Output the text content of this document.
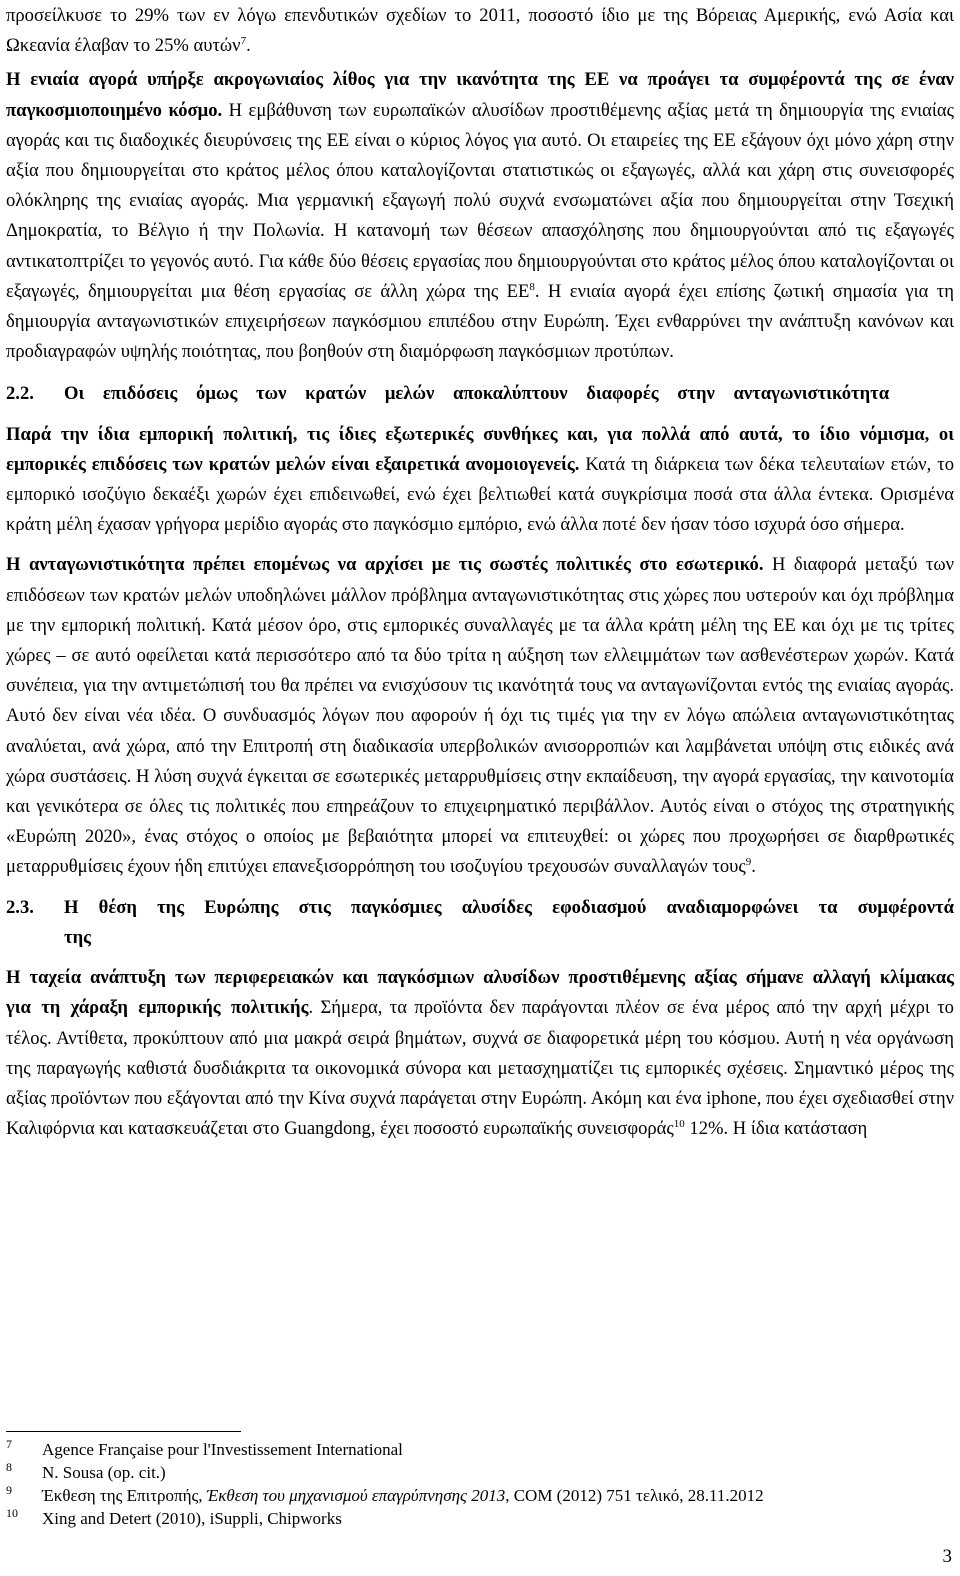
προσείλκυσε το 29% των εν λόγω επενδυτικών σχεδίων το 2011, ποσοστό ίδιο με της Βόρειας Αμερικής, ενώ Ασία και Ωκεανία έλαβαν το 25% αυτών$^7$.

Η ενιαία αγορά υπήρξε ακρογωνιαίος λίθος για την ικανότητα της ΕΕ να προάγει τα συμφέροντά της σε έναν παγκοσμιοποιημένο κόσμο. Η εμβάθυνση των ευρωπαϊκών αλυσίδων προστιθέμενης αξίας μετά τη δημιουργία της ενιαίας αγοράς και τις διαδοχικές διευρύνσεις της ΕΕ είναι ο κύριος λόγος για αυτό. Οι εταιρείες της ΕΕ εξάγουν όχι μόνο χάρη στην αξία που δημιουργείται στο κράτος μέλος όπου καταλογίζονται στατιστικώς οι εξαγωγές, αλλά και χάρη στις συνεισφορές ολόκληρης της ενιαίας αγοράς. Μια γερμανική εξαγωγή πολύ συχνά ενσωματώνει αξία που δημιουργείται στην Τσεχική Δημοκρατία, το Βέλγιο ή την Πολωνία. Η κατανομή των θέσεων απασχόλησης που δημιουργούνται από τις εξαγωγές αντικατοπτρίζει το γεγονός αυτό. Για κάθε δύο θέσεις εργασίας που δημιουργούνται στο κράτος μέλος όπου καταλογίζονται οι εξαγωγές, δημιουργείται μια θέση εργασίας σε άλλη χώρα της $EE^8$. Η ενιαία αγορά έχει επίσης ζωτική σημασία για τη δημιουργία ανταγωνιστικών επιχειρήσεων παγκόσμιου επιπέδου στην Ευρώπη. Έχει ενθαρρύνει την ανάπτυξη κανόνων και προδιαγραφών υψηλής ποιότητας, που βοηθούν στη διαμόρφωση παγκόσμιων προτύπων.

2.2.	Οι επιδόσεις όμως των κρατών μελών αποκαλύπτουν διαφορές στην ανταγωνιστικότητα

Παρά την ίδια εμπορική πολιτική, τις ίδιες εξωτερικές συνθήκες και, για πολλά από αυτά, το ίδιο νόμισμα, οι εμπορικές επιδόσεις των κρατών μελών είναι εξαιρετικά ανομοιογενείς. Κατά τη διάρκεια των δέκα τελευταίων ετών, το εμπορικό ισοζύγιο δεκαέξι χωρών έχει επιδεινωθεί, ενώ έχει βελτιωθεί κατά συγκρίσιμα ποσά στα άλλα έντεκα. Ορισμένα κράτη μέλη έχασαν γρήγορα μερίδιο αγοράς στο παγκόσμιο εμπόριο, ενώ άλλα ποτέ δεν ήσαν τόσο ισχυρά όσο σήμερα.

Η ανταγωνιστικότητα πρέπει επομένως να αρχίσει με τις σωστές πολιτικές στο εσωτερικό. Η διαφορά μεταξύ των επιδόσεων των κρατών μελών υποδηλώνει μάλλον πρόβλημα ανταγωνιστικότητας στις χώρες που υστερούν και όχι πρόβλημα με την εμπορική πολιτική. Κατά μέσον όρο, στις εμπορικές συναλλαγές με τα άλλα κράτη μέλη της ΕΕ και όχι με τις τρίτες χώρες – σε αυτό οφείλεται κατά περισσότερο από τα δύο τρίτα η αύξηση των ελλειμμάτων των ασθενέστερων χωρών. Κατά συνέπεια, για την αντιμετώπισή του θα πρέπει να ενισχύσουν τις ικανότητά τους να ανταγωνίζονται εντός της ενιαίας αγοράς. Αυτό δεν είναι νέα ιδέα. Ο συνδυασμός λόγων που αφορούν ή όχι τις τιμές για την εν λόγω απώλεια ανταγωνιστικότητας αναλύεται, ανά χώρα, από την Επιτροπή στη διαδικασία υπερβολικών ανισορροπιών και λαμβάνεται υπόψη στις ειδικές ανά χώρα συστάσεις. Η λύση συχνά έγκειται σε εσωτερικές μεταρρυθμίσεις στην εκπαίδευση, την αγορά εργασίας, την καινοτομία και γενικότερα σε όλες τις πολιτικές που επηρεάζουν το επιχειρηματικό περιβάλλον. Αυτός είναι ο στόχος της στρατηγικής «Ευρώπη 2020», ένας στόχος ο οποίος με βεβαιότητα μπορεί να επιτευχθεί: οι χώρες που προχωρήσει σε διαρθρωτικές μεταρρυθμίσεις έχουν ήδη επιτύχει επανεξισορρόπηση του ισοζυγίου τρεχουσών συναλλαγών τους$^9$.

2.3.	Η θέση της Ευρώπης στις παγκόσμιες αλυσίδες εφοδιασμού αναδιαμορφώνει τα συμφέροντά της

Η ταχεία ανάπτυξη των περιφερειακών και παγκόσμιων αλυσίδων προστιθέμενης αξίας σήμανε αλλαγή κλίμακας για τη χάραξη εμπορικής πολιτικής. Σήμερα, τα προϊόντα δεν παράγονται πλέον σε ένα μέρος από την αρχή μέχρι το τέλος. Αντίθετα, προκύπτουν από μια μακρά σειρά βημάτων, συχνά σε διαφορετικά μέρη του κόσμου. Αυτή η νέα οργάνωση της παραγωγής καθιστά δυσδιάκριτα τα οικονομικά σύνορα και μετασχηματίζει τις εμπορικές σχέσεις. Σημαντικό μέρος της αξίας προϊόντων που εξάγονται από την Κίνα συχνά παράγεται στην Ευρώπη. Ακόμη και ένα iphone, που έχει σχεδιασθεί στην Καλιφόρνια και κατασκευάζεται στο Guangdong, έχει ποσοστό ευρωπαϊκής συνεισφοράς$^{10}$ 12%. Η ίδια κατάσταση

7	Agence Française pour l'Investissement International
8	N. Sousa (op. cit.)
9	Έκθεση της Επιτροπής, Έκθεση του μηχανισμού επαγρύπνησης 2013, COM (2012) 751 τελικό, 28.11.2012
10	Xing and Detert (2010), iSuppli, Chipworks
3
